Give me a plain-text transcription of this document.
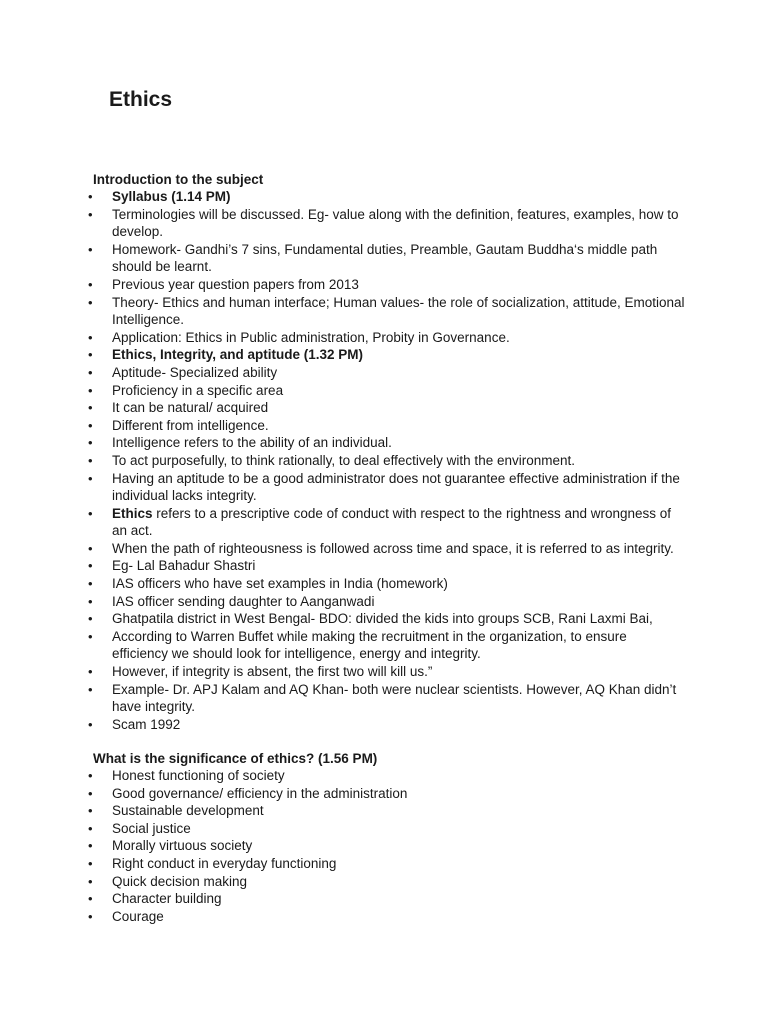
Ethics

Introduction to the subject

• Syllabus (1.14 PM)
• Terminologies will be discussed. Eg- value along with the definition, features, examples, how to develop.
• Homework- Gandhi’s 7 sins, Fundamental duties, Preamble, Gautam Buddha‘s middle path should be learnt.
• Previous year question papers from 2013
• Theory- Ethics and human interface; Human values- the role of socialization, attitude, Emotional Intelligence.
• Application: Ethics in Public administration, Probity in Governance.
• Ethics, Integrity, and aptitude (1.32 PM)
• Aptitude- Specialized ability
• Proficiency in a specific area
• It can be natural/ acquired
• Different from intelligence.
• Intelligence refers to the ability of an individual.
• To act purposefully, to think rationally, to deal effectively with the environment.
• Having an aptitude to be a good administrator does not guarantee effective administration if the individual lacks integrity.
• Ethics refers to a prescriptive code of conduct with respect to the rightness and wrongness of an act.
• When the path of righteousness is followed across time and space, it is referred to as integrity.
• Eg- Lal Bahadur Shastri
• IAS officers who have set examples in India (homework)
• IAS officer sending daughter to Aanganwadi
• Ghatpatila district in West Bengal- BDO: divided the kids into groups SCB, Rani Laxmi Bai,
• According to Warren Buffet while making the recruitment in the organization, to ensure efficiency we should look for intelligence, energy and integrity.
• However, if integrity is absent, the first two will kill us.”
• Example- Dr. APJ Kalam and AQ Khan- both were nuclear scientists. However, AQ Khan didn’t have integrity.
• Scam 1992

What is the significance of ethics? (1.56 PM)

• Honest functioning of society
• Good governance/ efficiency in the administration
• Sustainable development
• Social justice
• Morally virtuous society
• Right conduct in everyday functioning
• Quick decision making
• Character building
• Courage
